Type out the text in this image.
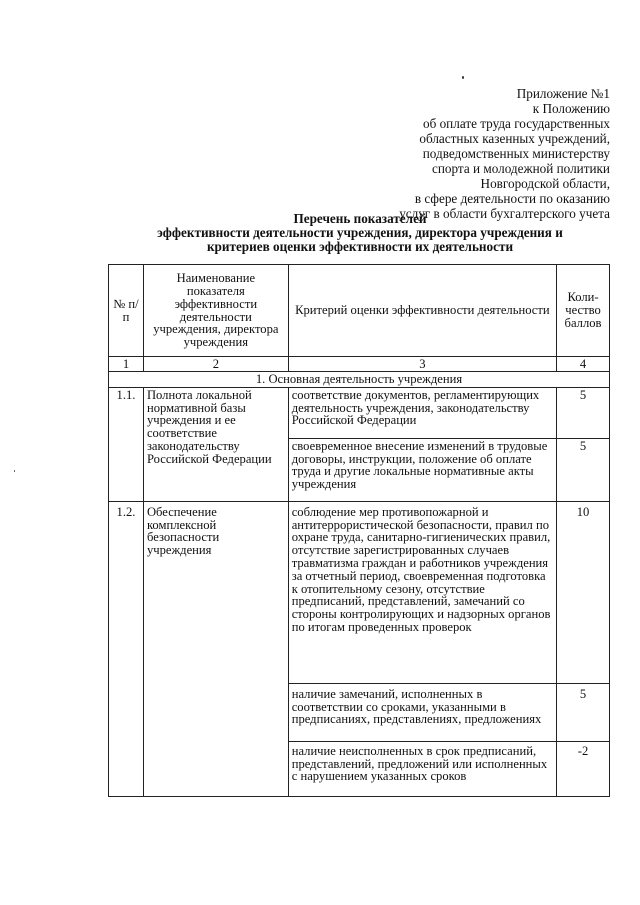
Приложение №1
к Положению
об оплате труда государственных
областных казенных учреждений,
подведомственных министерству
спорта и молодежной политики
Новгородской области,
в сфере деятельности по оказанию
услуг в области бухгалтерского учета
Перечень показателей
эффективности деятельности учреждения, директора учреждения и
критериев оценки эффективности их деятельности
№ п/п	Наименование показателя эффективности деятельности учреждения, директора учреждения	Критерий оценки эффективности деятельности	Коли-чество баллов
1	2	3	4
1. Основная деятельность учреждения			
1.1.	Полнота локальной нормативной базы учреждения и ее соответствие законодательству Российской Федерации	соответствие документов, регламентирующих деятельность учреждения, законодательству Российской Федерации	5
		своевременное внесение изменений в трудовые договоры, инструкции, положение об оплате труда и другие локальные нормативные акты учреждения	5
1.2.	Обеспечение комплексной безопасности учреждения	соблюдение мер противопожарной и антитеррористической безопасности, правил по охране труда, санитарно-гигиенических правил, отсутствие зарегистрированных случаев травматизма граждан и работников учреждения за отчетный период, своевременная подготовка к отопительному сезону, отсутствие предписаний, представлений, замечаний со стороны контролирующих и надзорных органов по итогам проведенных проверок	10
		наличие замечаний, исполненных в соответствии со сроками, указанными в предписаниях, представлениях, предложениях	5
		наличие неисполненных в срок предписаний, представлений, предложений или исполненных с нарушением указанных сроков	-2
